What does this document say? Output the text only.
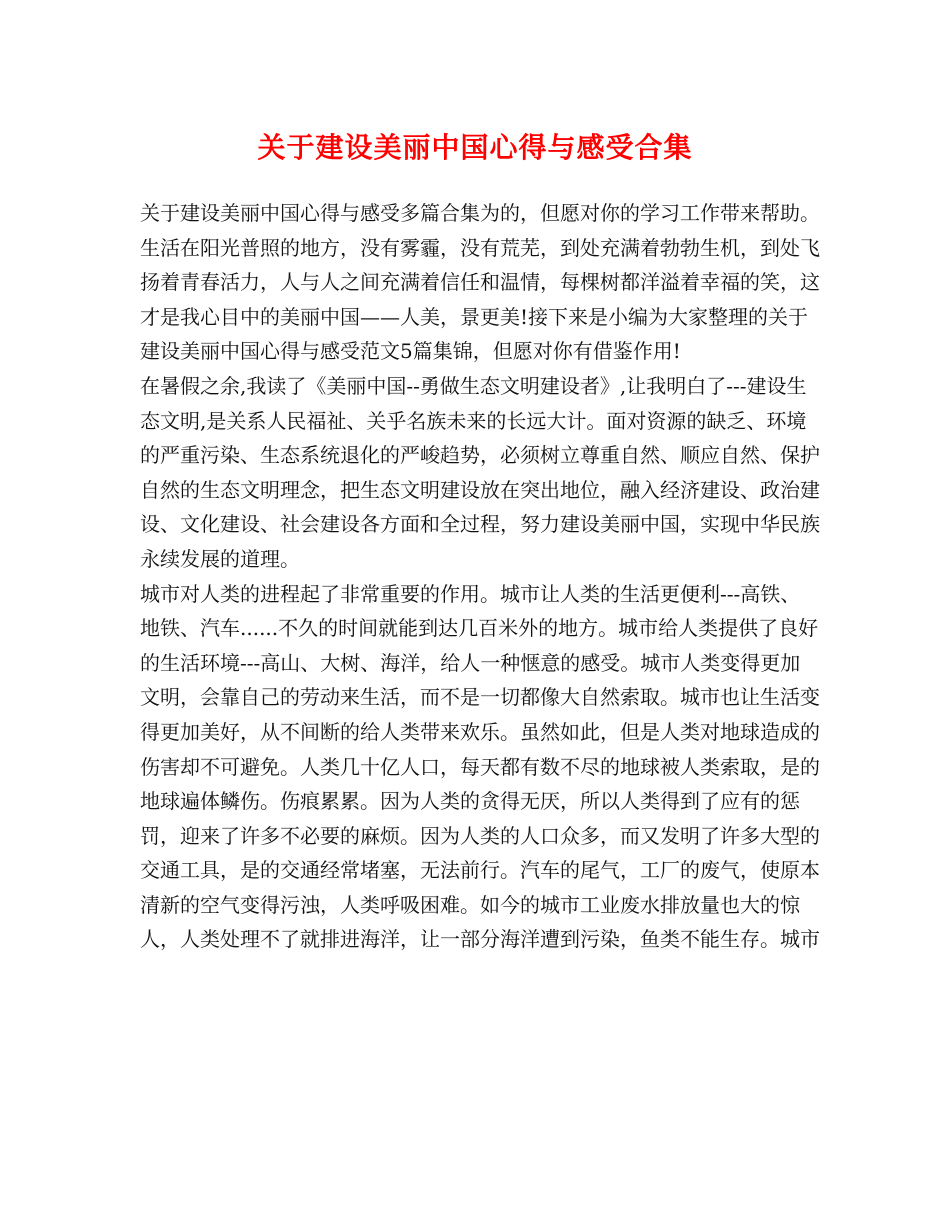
关于建设美丽中国心得与感受合集

关于建设美丽中国心得与感受多篇合集为的，但愿对你的学习工作带来帮助。

生活在阳光普照的地方，没有雾霾，没有荒芜，到处充满着勃勃生机，到处飞扬着青春活力，人与人之间充满着信任和温情，每棵树都洋溢着幸福的笑，这才是我心目中的美丽中国——人美，景更美!接下来是小编为大家整理的关于建设美丽中国心得与感受范文5篇集锦，但愿对你有借鉴作用!

在暑假之余,我读了《美丽中国--勇做生态文明建设者》,让我明白了---建设生态文明,是关系人民福祉、关乎名族未来的长远大计。面对资源的缺乏、环境的严重污染、生态系统退化的严峻趋势，必须树立尊重自然、顺应自然、保护自然的生态文明理念，把生态文明建设放在突出地位，融入经济建设、政治建设、文化建设、社会建设各方面和全过程，努力建设美丽中国，实现中华民族永续发展的道理。

城市对人类的进程起了非常重要的作用。城市让人类的生活更便利---高铁、地铁、汽车......不久的时间就能到达几百米外的地方。城市给人类提供了良好的生活环境---高山、大树、海洋，给人一种惬意的感受。城市人类变得更加文明，会靠自己的劳动来生活，而不是一切都像大自然索取。城市也让生活变得更加美好，从不间断的给人类带来欢乐。虽然如此，但是人类对地球造成的伤害却不可避免。人类几十亿人口，每天都有数不尽的地球被人类索取，是的地球遍体鳞伤。伤痕累累。因为人类的贪得无厌，所以人类得到了应有的惩罚，迎来了许多不必要的麻烦。因为人类的人口众多，而又发明了许多大型的交通工具，是的交通经常堵塞，无法前行。汽车的尾气，工厂的废气，使原本清新的空气变得污浊，人类呼吸困难。如今的城市工业废水排放量也大的惊人，人类处理不了就排进海洋，让一部分海洋遭到污染，鱼类不能生存。城市
